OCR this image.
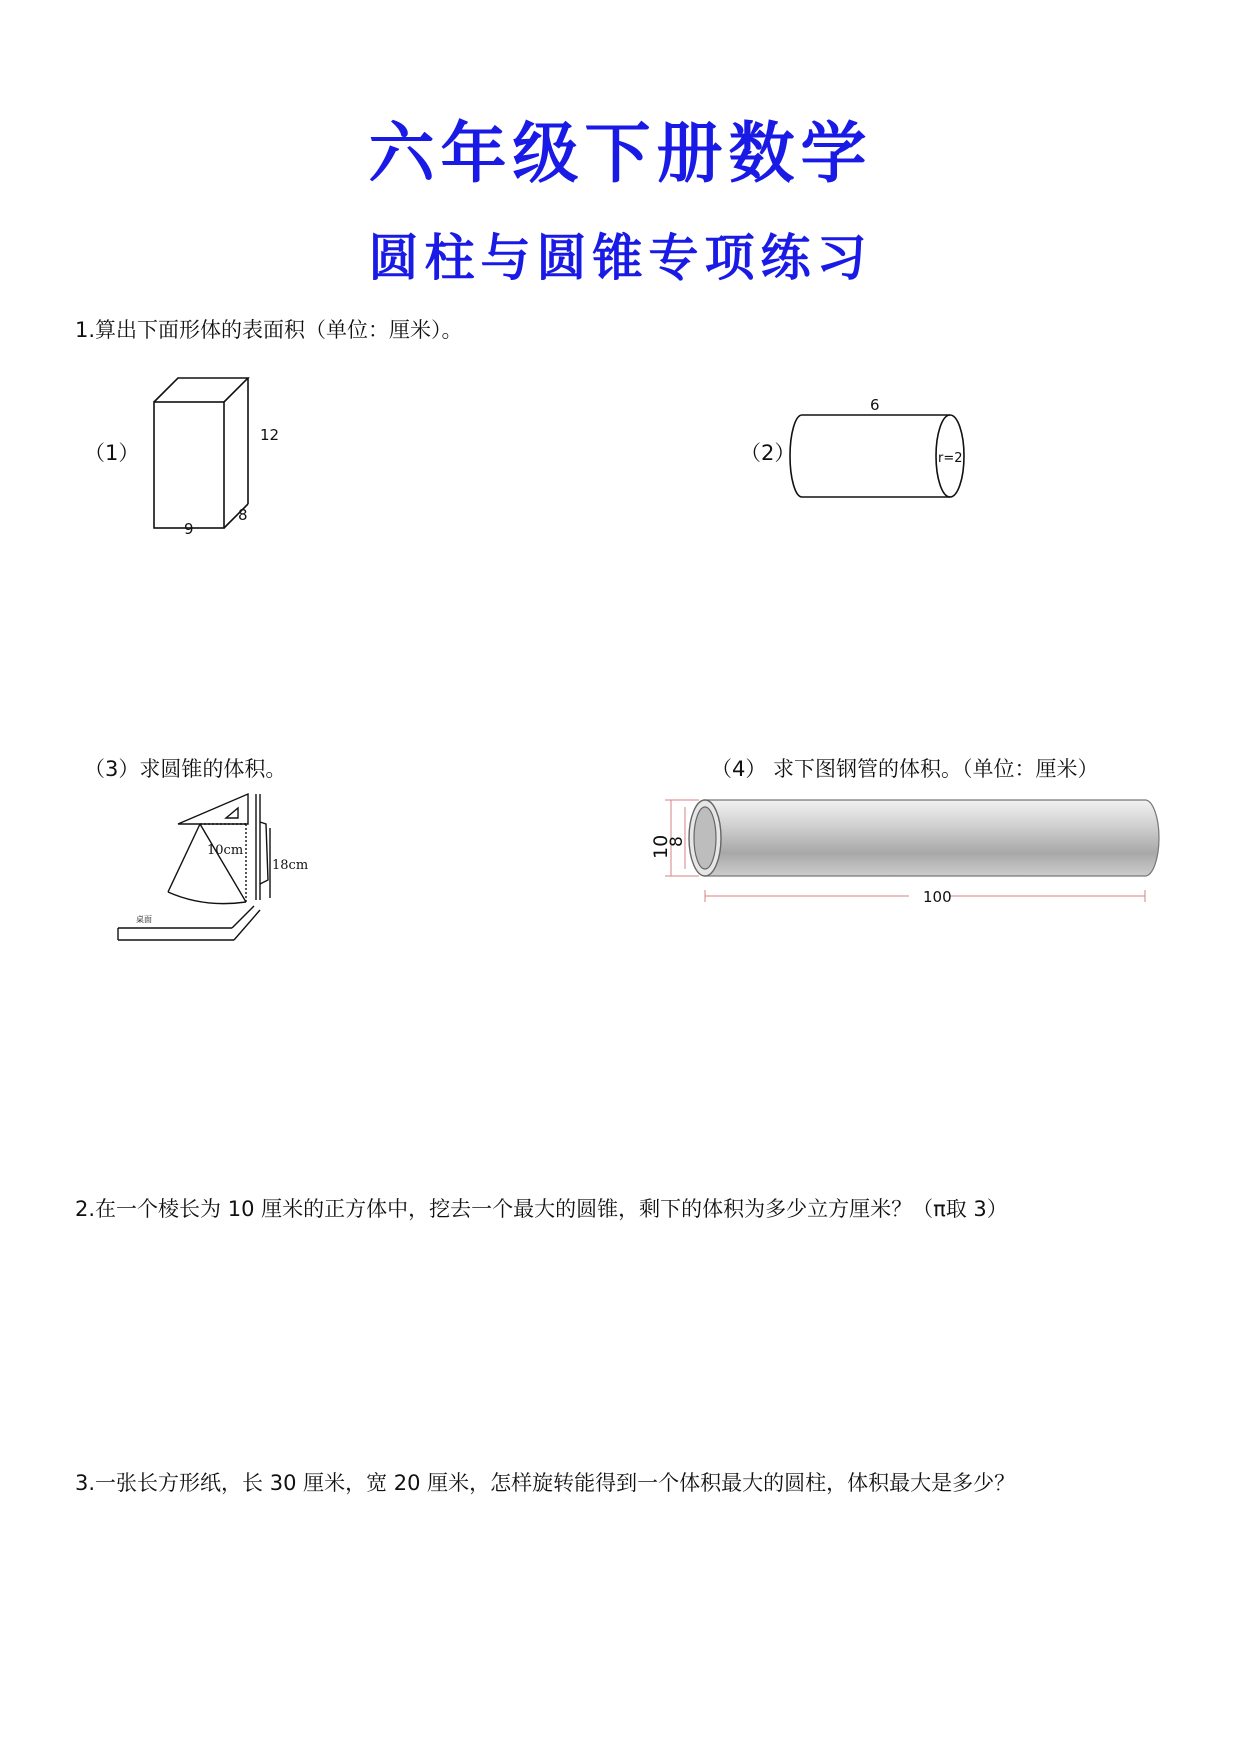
六年级下册数学
圆柱与圆锥专项练习
1.算出下面形体的表面积（单位：厘米）。
（1）
12
9
8
（2）
6
r=2
（3）求圆锥的体积。
10cm
18cm
桌面
（4） 求下图钢管的体积。（单位：厘米）
10
8
100
2.在一个棱长为 10 厘米的正方体中，挖去一个最大的圆锥，剩下的体积为多少立方厘米？（π取 3）
3.一张长方形纸，长 30 厘米，宽 20 厘米，怎样旋转能得到一个体积最大的圆柱，体积最大是多少？
